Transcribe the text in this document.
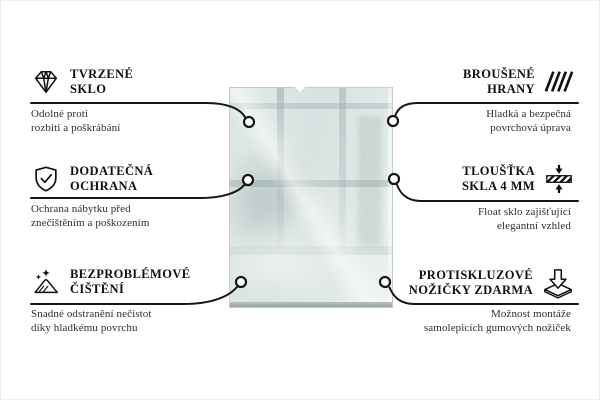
TVRZENÉ
SKLO
Odolné proti
rozbití a poškrábání
DODATEČNÁ
OCHRANA
Ochrana nábytku před
znečištěním a poškozením
BEZPROBLÉMOVÉ
ČIŠTĚNÍ
Snadné odstranění nečistot
díky hladkému povrchu
BROUŠENÉ
HRANY
Hladká a bezpečná
povrchová úprava
TLOUŠŤKA
SKLA 4 MM
Float sklo zajišťující
elegantní vzhled
PROTISKLUZOVÉ
NOŽIČKY ZDARMA
Možnost montáže
samolepicích gumových nožiček
